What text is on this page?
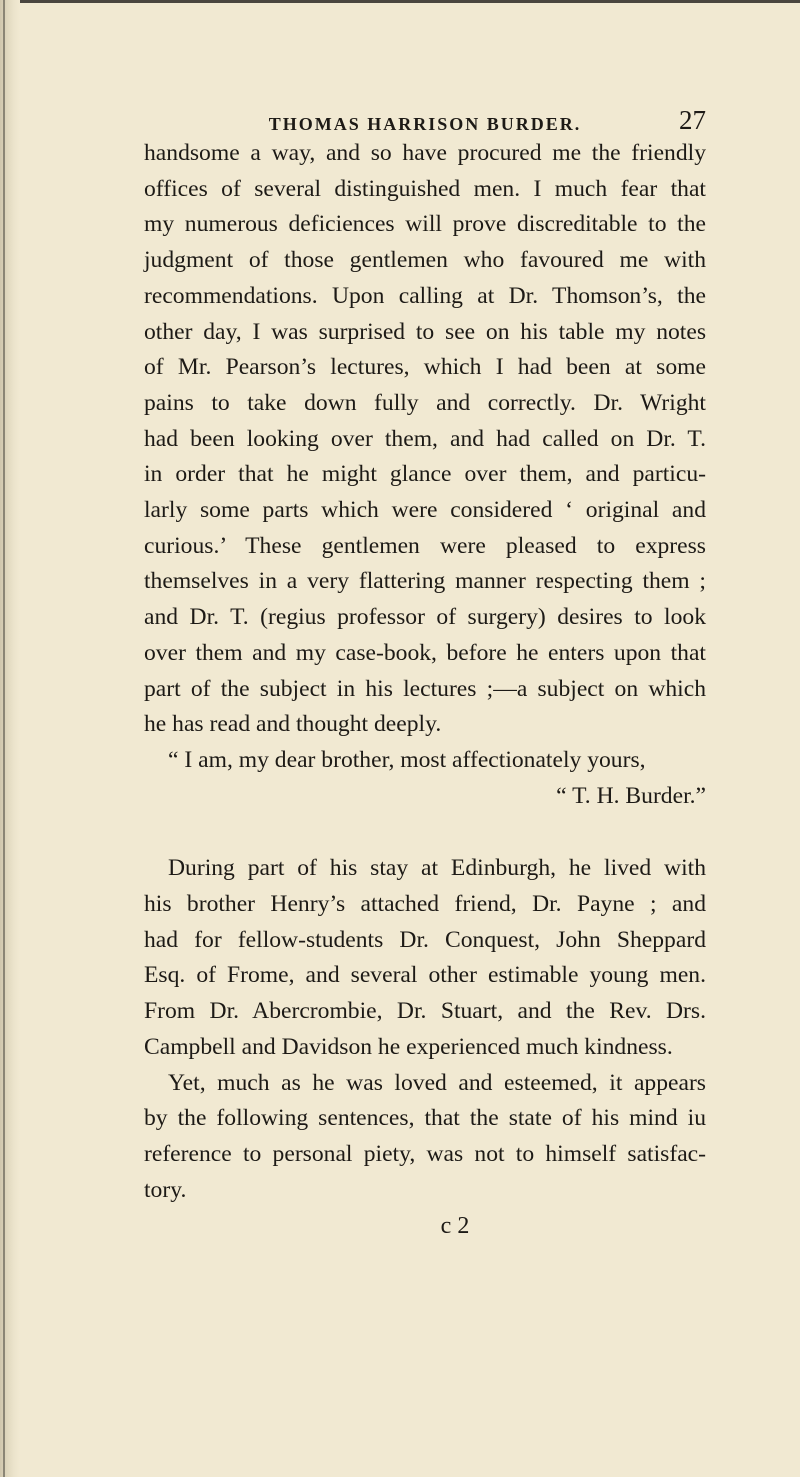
THOMAS HARRISON BURDER.	27
handsome a way, and so have procured me the friendly
offices of several distinguished men. I much fear that
my numerous deficiences will prove discreditable to the
judgment of those gentlemen who favoured me with
recommendations. Upon calling at Dr. Thomson’s, the
other day, I was surprised to see on his table my notes
of Mr. Pearson’s lectures, which I had been at some
pains to take down fully and correctly. Dr. Wright
had been looking over them, and had called on Dr. T.
in order that he might glance over them, and particu-
larly some parts which were considered ‘ original and
curious.’ These gentlemen were pleased to express
themselves in a very flattering manner respecting them ;
and Dr. T. (regius professor of surgery) desires to look
over them and my case-book, before he enters upon that
part of the subject in his lectures ;—a subject on which
he has read and thought deeply.
“ I am, my dear brother, most affectionately yours,
“ T. H. Burder.”
During part of his stay at Edinburgh, he lived with
his brother Henry’s attached friend, Dr. Payne ; and
had for fellow-students Dr. Conquest, John Sheppard
Esq. of Frome, and several other estimable young men.
From Dr. Abercrombie, Dr. Stuart, and the Rev. Drs.
Campbell and Davidson he experienced much kindness.
Yet, much as he was loved and esteemed, it appears
by the following sentences, that the state of his mind iu
reference to personal piety, was not to himself satisfac-
tory.
c 2
